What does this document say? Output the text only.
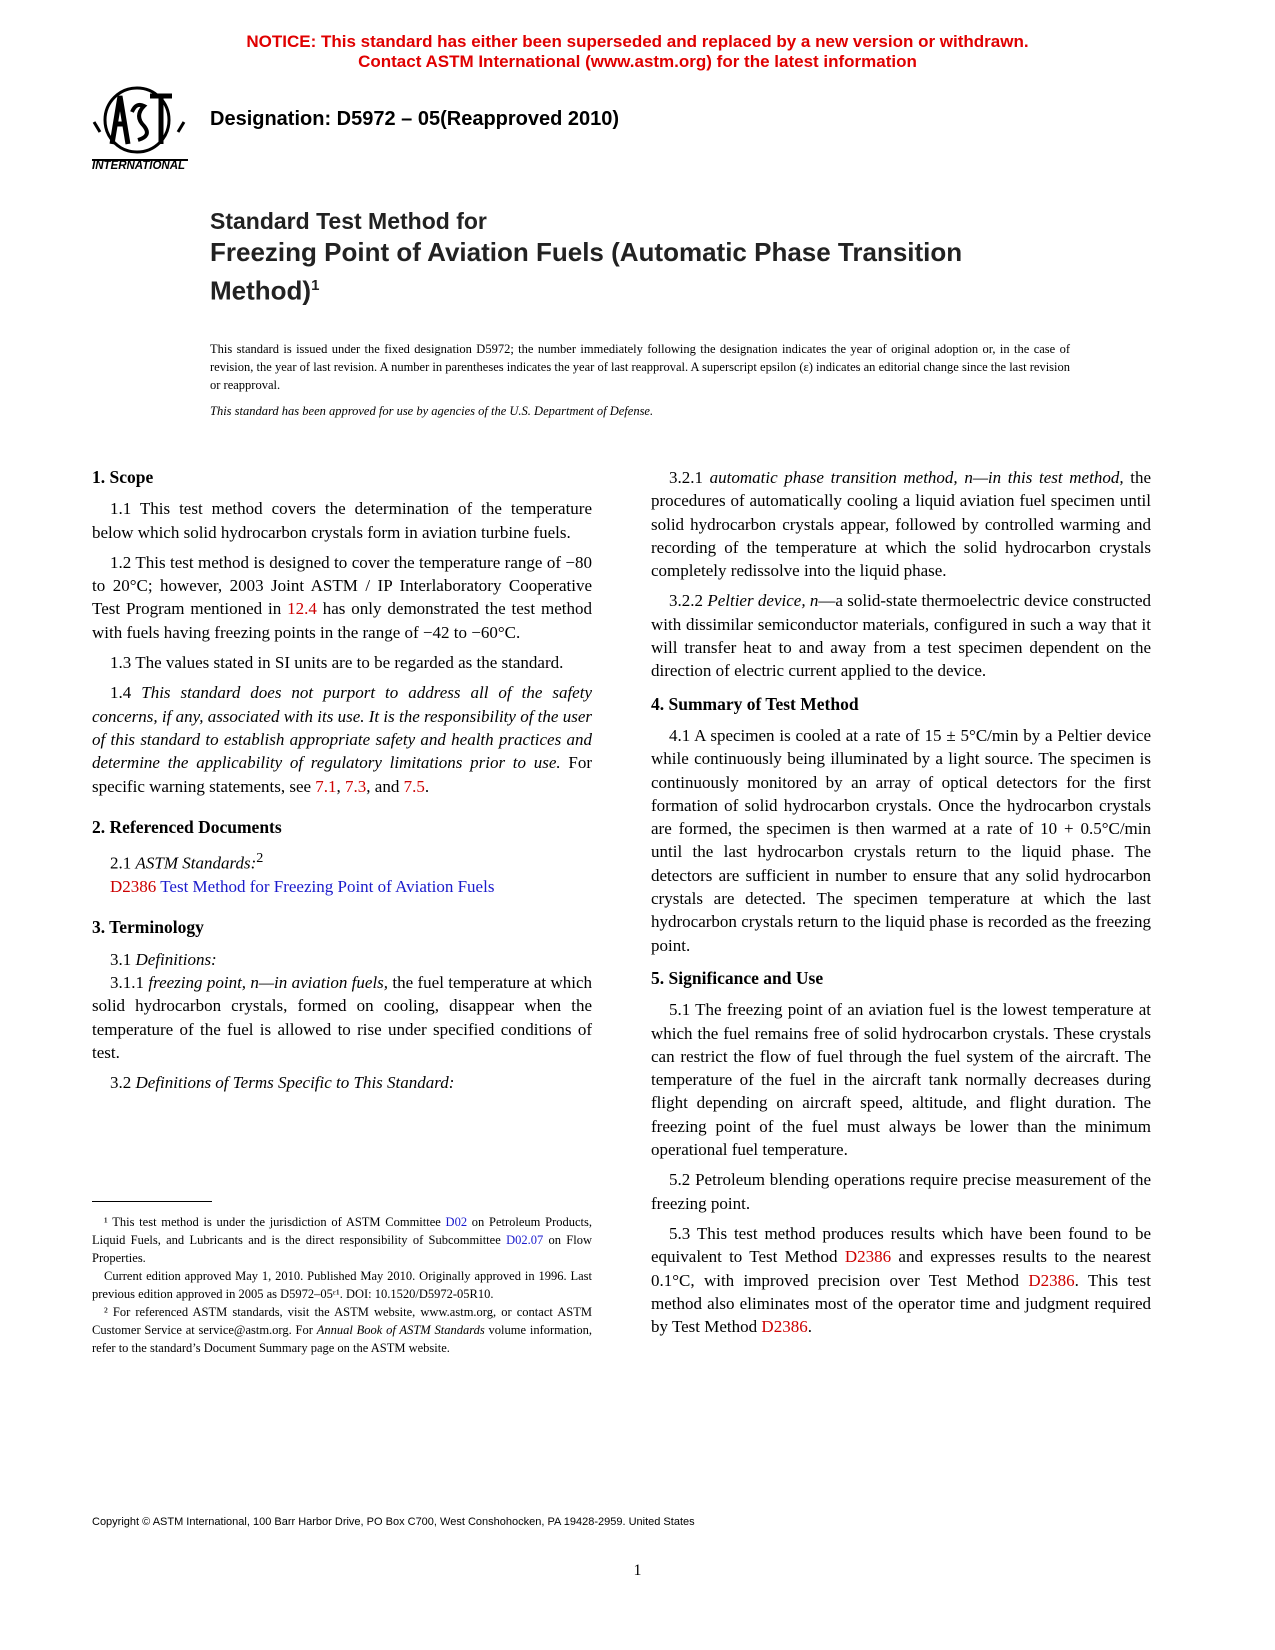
NOTICE: This standard has either been superseded and replaced by a new version or withdrawn.
Contact ASTM International (www.astm.org) for the latest information
INTERNATIONAL
Designation: D5972 – 05(Reapproved 2010)
Standard Test Method for
Freezing Point of Aviation Fuels (Automatic Phase Transition Method)$^1$
This standard is issued under the fixed designation D5972; the number immediately following the designation indicates the year of original adoption or, in the case of revision, the year of last revision. A number in parentheses indicates the year of last reapproval. A superscript epsilon (ε) indicates an editorial change since the last revision or reapproval.
This standard has been approved for use by agencies of the U.S. Department of Defense.
1. Scope

1.1 This test method covers the determination of the temperature below which solid hydrocarbon crystals form in aviation turbine fuels.

1.2 This test method is designed to cover the temperature range of −80 to 20°C; however, 2003 Joint ASTM / IP Interlaboratory Cooperative Test Program mentioned in 12.4 has only demonstrated the test method with fuels having freezing points in the range of −42 to −60°C.

1.3 The values stated in SI units are to be regarded as the standard.

1.4 This standard does not purport to address all of the safety concerns, if any, associated with its use. It is the responsibility of the user of this standard to establish appropriate safety and health practices and determine the applicability of regulatory limitations prior to use. For specific warning statements, see 7.1, 7.3, and 7.5.

2. Referenced Documents

2.1 ASTM Standards:$^2$

D2386 Test Method for Freezing Point of Aviation Fuels

3. Terminology

3.1 Definitions:

3.1.1 freezing point, n—in aviation fuels, the fuel temperature at which solid hydrocarbon crystals, formed on cooling, disappear when the temperature of the fuel is allowed to rise under specified conditions of test.

3.2 Definitions of Terms Specific to This Standard:

3.2.1 automatic phase transition method, n—in this test method, the procedures of automatically cooling a liquid aviation fuel specimen until solid hydrocarbon crystals appear, followed by controlled warming and recording of the temperature at which the solid hydrocarbon crystals completely redissolve into the liquid phase.

3.2.2 Peltier device, n—a solid-state thermoelectric device constructed with dissimilar semiconductor materials, configured in such a way that it will transfer heat to and away from a test specimen dependent on the direction of electric current applied to the device.

4. Summary of Test Method

4.1 A specimen is cooled at a rate of 15 ± 5°C/min by a Peltier device while continuously being illuminated by a light source. The specimen is continuously monitored by an array of optical detectors for the first formation of solid hydrocarbon crystals. Once the hydrocarbon crystals are formed, the specimen is then warmed at a rate of 10 + 0.5°C/min until the last hydrocarbon crystals return to the liquid phase. The detectors are sufficient in number to ensure that any solid hydrocarbon crystals are detected. The specimen temperature at which the last hydrocarbon crystals return to the liquid phase is recorded as the freezing point.

5. Significance and Use

5.1 The freezing point of an aviation fuel is the lowest temperature at which the fuel remains free of solid hydrocarbon crystals. These crystals can restrict the flow of fuel through the fuel system of the aircraft. The temperature of the fuel in the aircraft tank normally decreases during flight depending on aircraft speed, altitude, and flight duration. The freezing point of the fuel must always be lower than the minimum operational fuel temperature.

5.2 Petroleum blending operations require precise measurement of the freezing point.

5.3 This test method produces results which have been found to be equivalent to Test Method D2386 and expresses results to the nearest 0.1°C, with improved precision over Test Method D2386. This test method also eliminates most of the operator time and judgment required by Test Method D2386.

¹ This test method is under the jurisdiction of ASTM Committee D02 on Petroleum Products, Liquid Fuels, and Lubricants and is the direct responsibility of Subcommittee D02.07 on Flow Properties.

Current edition approved May 1, 2010. Published May 2010. Originally approved in 1996. Last previous edition approved in 2005 as D5972–05ᵋ¹. DOI: 10.1520/D5972-05R10.

² For referenced ASTM standards, visit the ASTM website, www.astm.org, or contact ASTM Customer Service at service@astm.org. For Annual Book of ASTM Standards volume information, refer to the standard’s Document Summary page on the ASTM website.

Copyright © ASTM International, 100 Barr Harbor Drive, PO Box C700, West Conshohocken, PA 19428-2959. United States
1
